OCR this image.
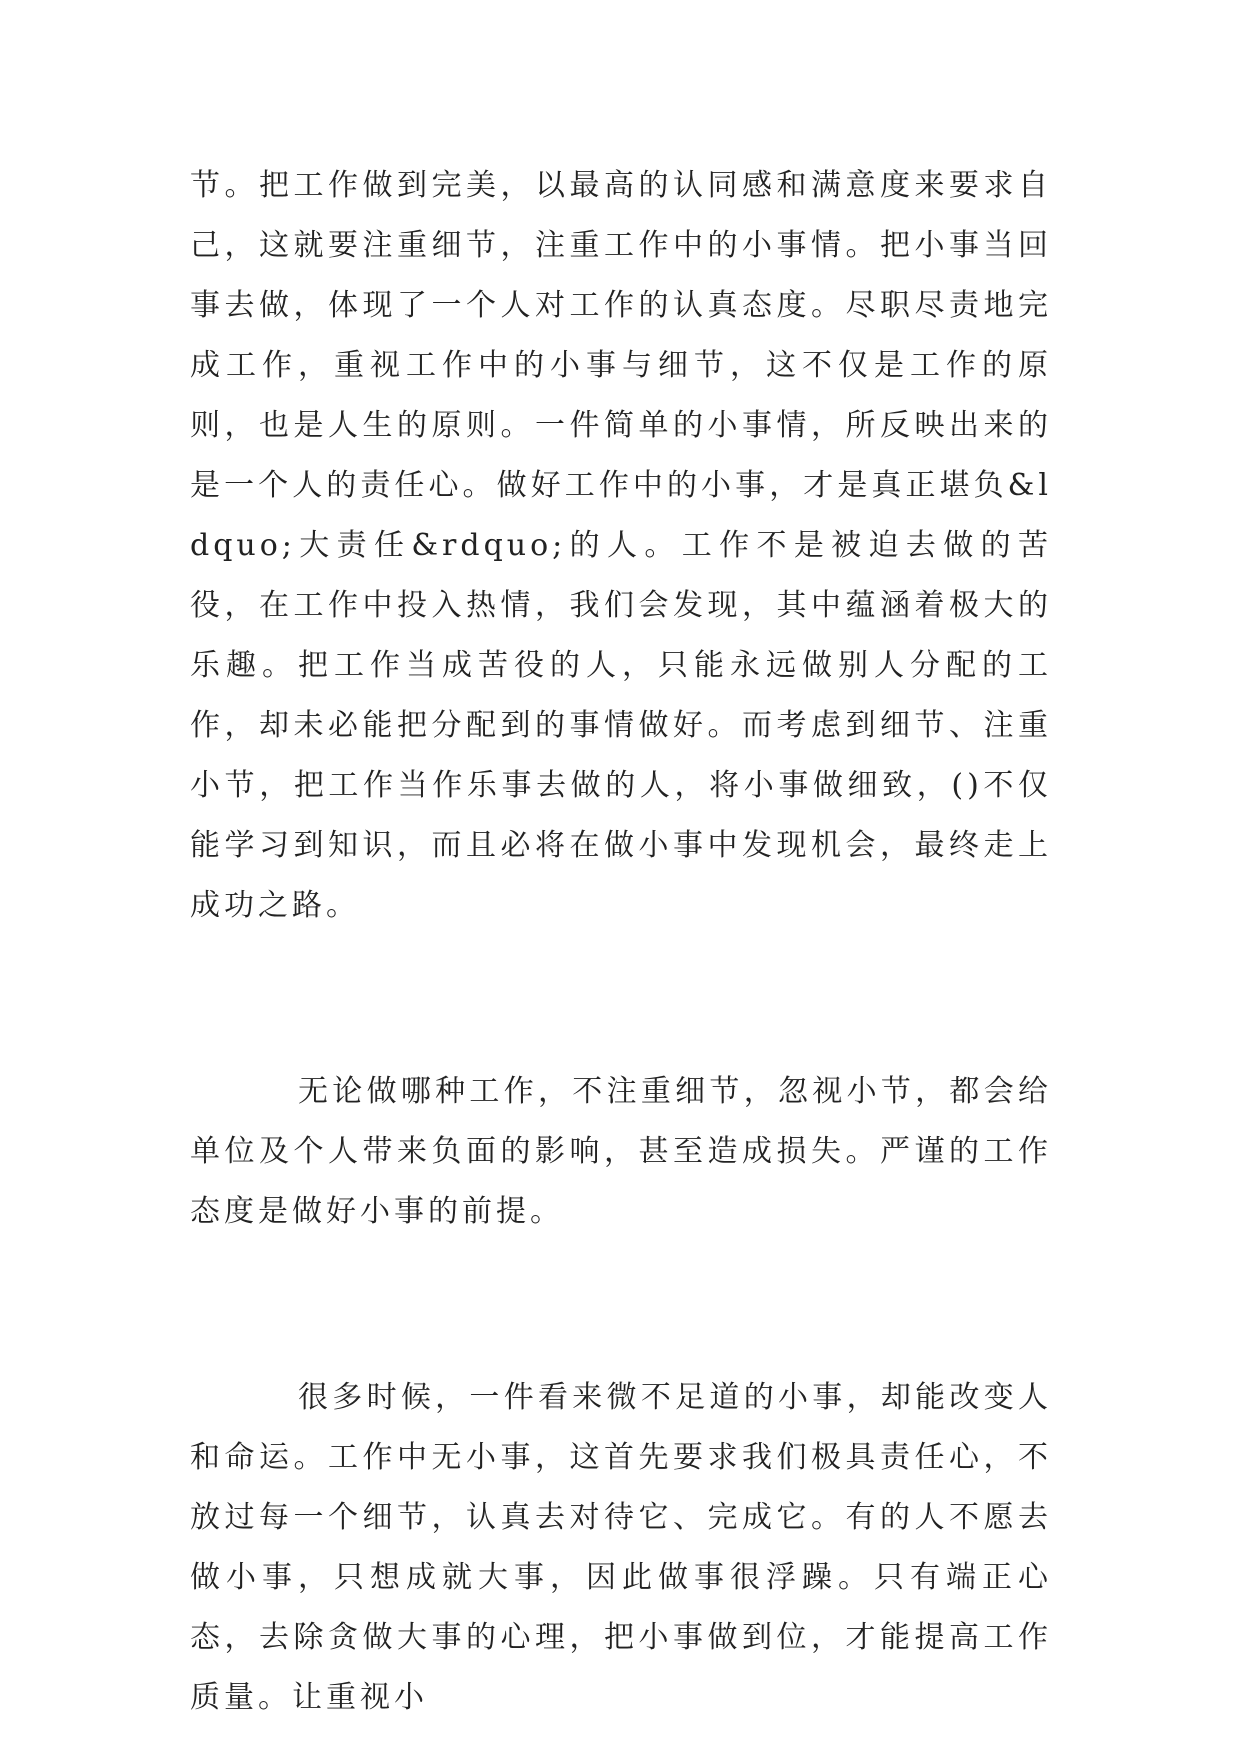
节。把工作做到完美，以最高的认同感和满意度来要求自己，这就要注重细节，注重工作中的小事情。把小事当回事去做，体现了一个人对工作的认真态度。尽职尽责地完成工作，重视工作中的小事与细节，这不仅是工作的原则，也是人生的原则。一件简单的小事情，所反映出来的是一个人的责任心。做好工作中的小事，才是真正堪负&ldquo;大责任&rdquo;的人。工作不是被迫去做的苦役，在工作中投入热情，我们会发现，其中蕴涵着极大的乐趣。把工作当成苦役的人，只能永远做别人分配的工作，却未必能把分配到的事情做好。而考虑到细节、注重小节，把工作当作乐事去做的人，将小事做细致，()不仅能学习到知识，而且必将在做小事中发现机会，最终走上成功之路。

无论做哪种工作，不注重细节，忽视小节，都会给单位及个人带来负面的影响，甚至造成损失。严谨的工作态度是做好小事的前提。

很多时候，一件看来微不足道的小事，却能改变人和命运。工作中无小事，这首先要求我们极具责任心，不放过每一个细节，认真去对待它、完成它。有的人不愿去做小事，只想成就大事，因此做事很浮躁。只有端正心态，去除贪做大事的心理，把小事做到位，才能提高工作质量。让重视小
